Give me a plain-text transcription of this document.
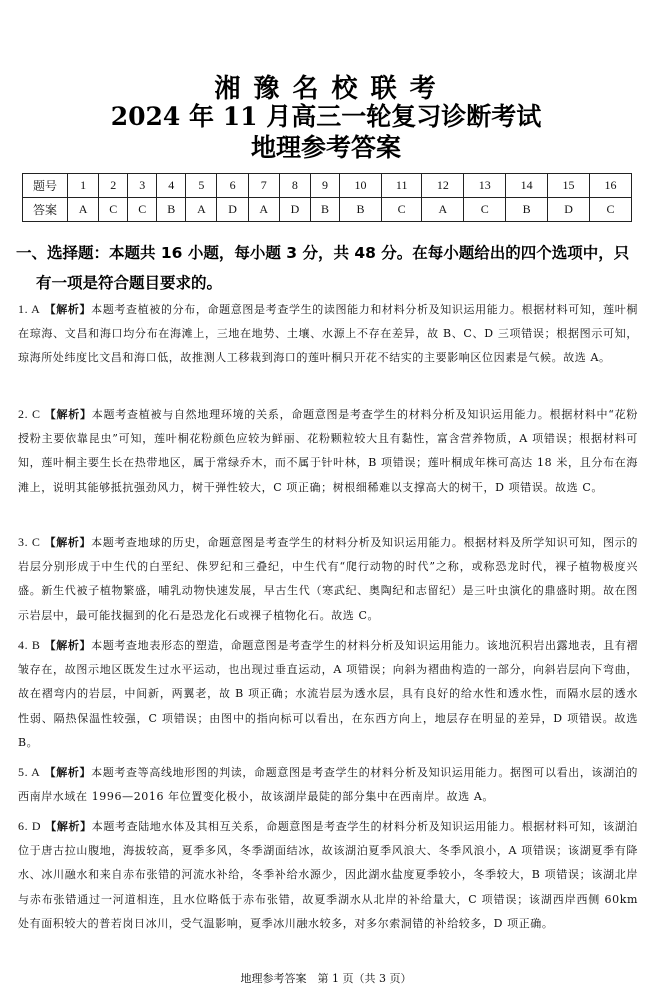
湘 豫 名 校 联 考
2024 年 11 月高三一轮复习诊断考试
地理参考答案
题号	1	2	3	4	5	6	7	8	9	10	11	12	13	14	15	16
答案	A	C	C	B	A	D	A	D	B	B	C	A	C	B	D	C
一、选择题：本题共 16 小题，每小题 3 分，共 48 分。在每小题给出的四个选项中，只
有一项是符合题目要求的。
1. A 【解析】本题考查植被的分布，命题意图是考查学生的读图能力和材料分析及知识运用能力。根据材料可知，莲叶桐在琼海、文昌和海口均分布在海滩上，三地在地势、土壤、水源上不存在差异，故 B、C、D 三项错误；根据图示可知，琼海所处纬度比文昌和海口低，故推测人工移栽到海口的莲叶桐只开花不结实的主要影响区位因素是气候。故选 A。
2. C 【解析】本题考查植被与自然地理环境的关系，命题意图是考查学生的材料分析及知识运用能力。根据材料中“花粉授粉主要依靠昆虫”可知，莲叶桐花粉颜色应较为鲜丽、花粉颗粒较大且有黏性，富含营养物质，A 项错误；根据材料可知，莲叶桐主要生长在热带地区，属于常绿乔木，而不属于针叶林，B 项错误；莲叶桐成年株可高达 18 米，且分布在海滩上，说明其能够抵抗强劲风力，树干弹性较大，C 项正确；树根细稀难以支撑高大的树干，D 项错误。故选 C。
3. C 【解析】本题考查地球的历史，命题意图是考查学生的材料分析及知识运用能力。根据材料及所学知识可知，图示的岩层分别形成于中生代的白垩纪、侏罗纪和三叠纪，中生代有“爬行动物的时代”之称，或称恐龙时代，裸子植物极度兴盛。新生代被子植物繁盛，哺乳动物快速发展，早古生代（寒武纪、奥陶纪和志留纪）是三叶虫演化的鼎盛时期。故在图示岩层中，最可能找掘到的化石是恐龙化石或裸子植物化石。故选 C。
4. B 【解析】本题考查地表形态的塑造，命题意图是考查学生的材料分析及知识运用能力。该地沉积岩出露地表，且有褶皱存在，故图示地区既发生过水平运动，也出现过垂直运动，A 项错误；向斜为褶曲构造的一部分，向斜岩层向下弯曲，故在褶弯内的岩层，中间新，两翼老，故 B 项正确；水流岩层为透水层，具有良好的给水性和透水性，而隔水层的透水性弱、隔热保温性较强，C 项错误；由图中的指向标可以看出，在东西方向上，地层存在明显的差异，D 项错误。故选 B。
5. A 【解析】本题考查等高线地形图的判读，命题意图是考查学生的材料分析及知识运用能力。据图可以看出，该湖泊的西南岸水域在 1996—2016 年位置变化极小，故该湖岸最陡的部分集中在西南岸。故选 A。
6. D 【解析】本题考查陆地水体及其相互关系，命题意图是考查学生的材料分析及知识运用能力。根据材料可知，该湖泊位于唐古拉山腹地，海拔较高，夏季多风，冬季湖面结冰，故该湖泊夏季风浪大、冬季风浪小，A 项错误；该湖夏季有降水、冰川融水和来自赤布张错的河流水补给，冬季补给水源少，因此湖水盐度夏季较小，冬季较大，B 项错误；该湖北岸与赤布张错通过一河道相连，且水位略低于赤布张错，故夏季湖水从北岸的补给量大，C 项错误；该湖西岸西侧 60km 处有面积较大的普若岗日冰川，受气温影响，夏季冰川融水较多，对多尔索洞错的补给较多，D 项正确。
地理参考答案　第 1 页（共 3 页）
